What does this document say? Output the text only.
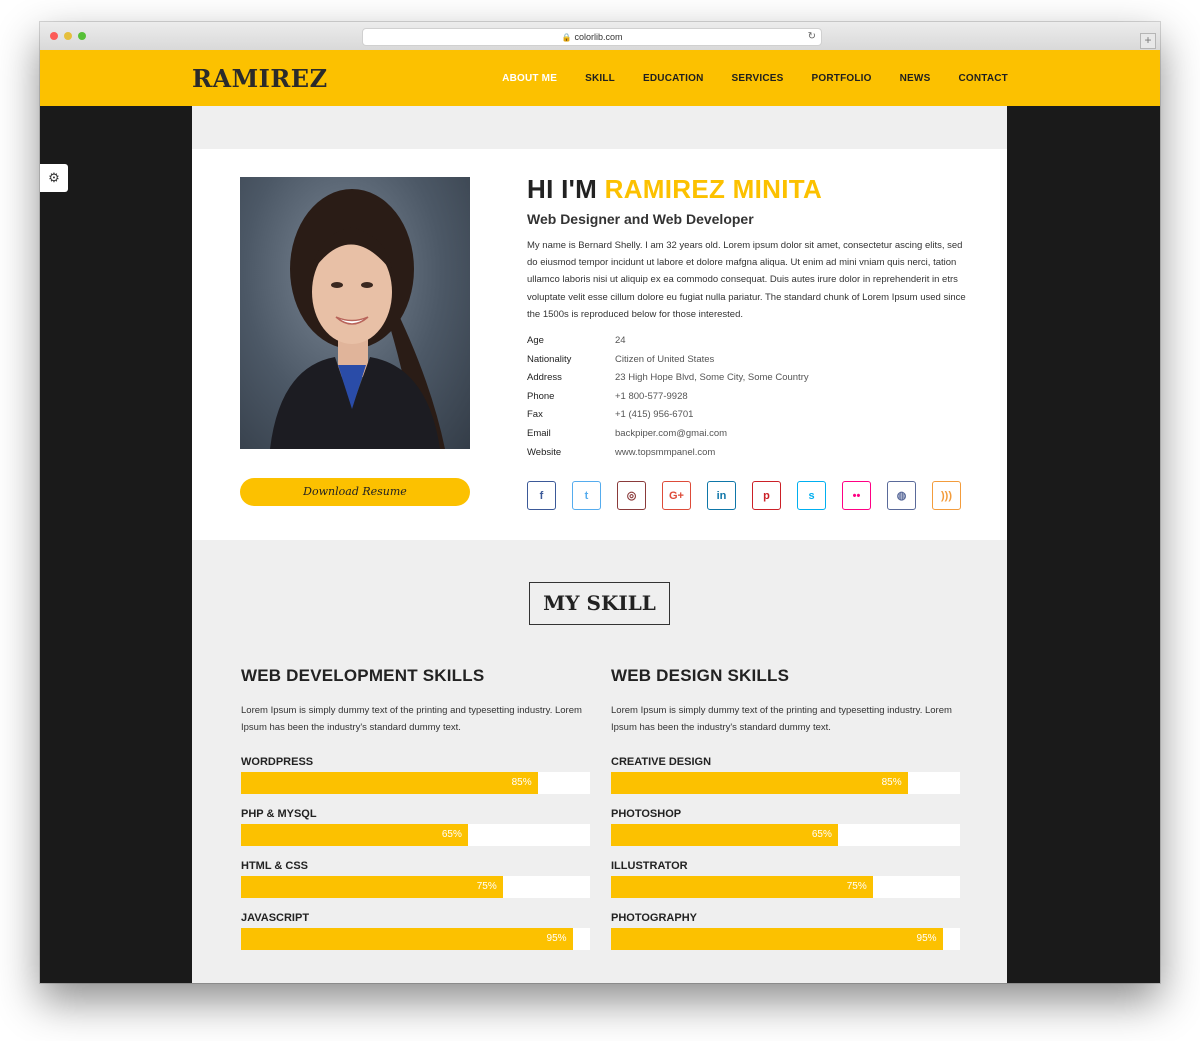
🔒 colorlib.com	↻	+
RAMIREZ	ABOUT ME	SKILL	EDUCATION	SERVICES	PORTFOLIO	NEWS	CONTACT
⚙
Download Resume
HI I'M RAMIREZ MINITA
Web Designer and Web Developer
My name is Bernard Shelly. I am 32 years old. Lorem ipsum dolor sit amet, consectetur ascing elits, sed do eiusmod tempor incidunt ut labore et dolore mafgna aliqua. Ut enim ad mini vniam quis nerci, tation ullamco laboris nisi ut aliquip ex ea commodo consequat. Duis autes irure dolor in reprehenderit in etrs voluptate velit esse cillum dolore eu fugiat nulla pariatur. The standard chunk of Lorem Ipsum used since the 1500s is reproduced below for those interested.
Age	24
Nationality	Citizen of United States
Address	23 High Hope Blvd, Some City, Some Country
Phone	+1 800-577-9928
Fax	+1 (415) 956-6701
Email	backpiper.com@gmai.com
Website	www.topsmmpanel.com
f	t	◎	G+	in	p	s	••	◍	)))
MY SKILL
WEB DEVELOPMENT SKILLS

Lorem Ipsum is simply dummy text of the printing and typesetting industry. Lorem Ipsum has been the industry's standard dummy text.

WORDPRESS
85%
PHP & MYSQL
65%
HTML & CSS
75%
JAVASCRIPT
95%
WEB DESIGN SKILLS

Lorem Ipsum is simply dummy text of the printing and typesetting industry. Lorem Ipsum has been the industry's standard dummy text.

CREATIVE DESIGN
85%
PHOTOSHOP
65%
ILLUSTRATOR
75%
PHOTOGRAPHY
95%
